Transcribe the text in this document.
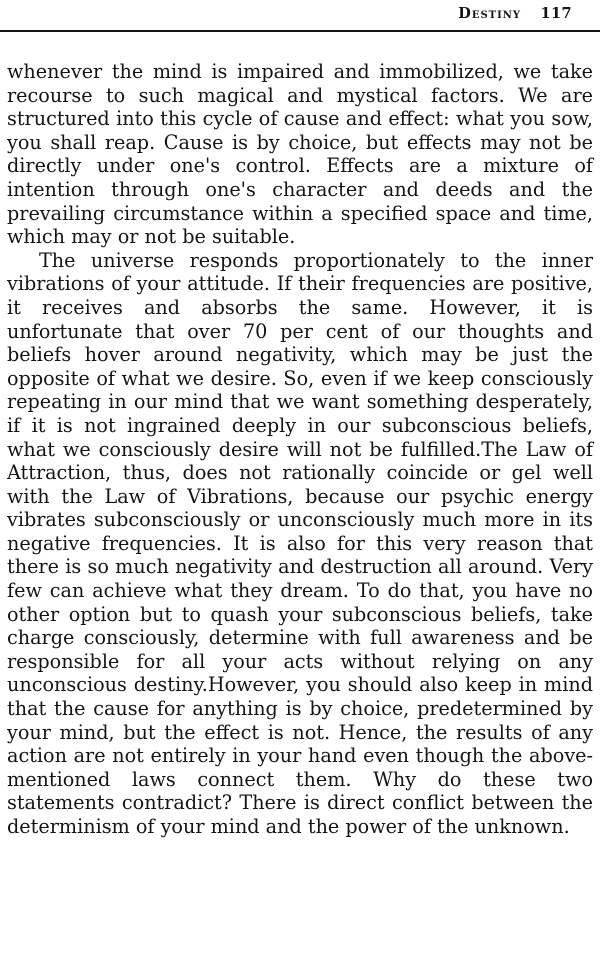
Destiny 117

whenever the mind is impaired and immobilized, we take recourse to such magical and mystical factors. We are structured into this cycle of cause and effect: what you sow, you shall reap. Cause is by choice, but effects may not be directly under one's control. Effects are a mixture of intention through one's character and deeds and the prevailing circumstance within a specified space and time, which may or not be suitable.

The universe responds proportionately to the inner vibrations of your attitude. If their frequencies are positive, it receives and absorbs the same. However, it is unfortunate that over 70 per cent of our thoughts and beliefs hover around negativity, which may be just the opposite of what we desire. So, even if we keep consciously repeating in our mind that we want something desperately, if it is not ingrained deeply in our subconscious beliefs, what we consciously desire will not be fulfilled.The Law of Attraction, thus, does not rationally coincide or gel well with the Law of Vibrations, because our psychic energy vibrates subconsciously or unconsciously much more in its negative frequencies. It is also for this very reason that there is so much negativity and destruction all around. Very few can achieve what they dream. To do that, you have no other option but to quash your subconscious beliefs, take charge consciously, determine with full awareness and be responsible for all your acts without relying on any unconscious destiny.However, you should also keep in mind that the cause for anything is by choice, predetermined by your mind, but the effect is not. Hence, the results of any action are not entirely in your hand even though the above-mentioned laws connect them. Why do these two statements contradict? There is direct conflict between the determinism of your mind and the power of the unknown.
